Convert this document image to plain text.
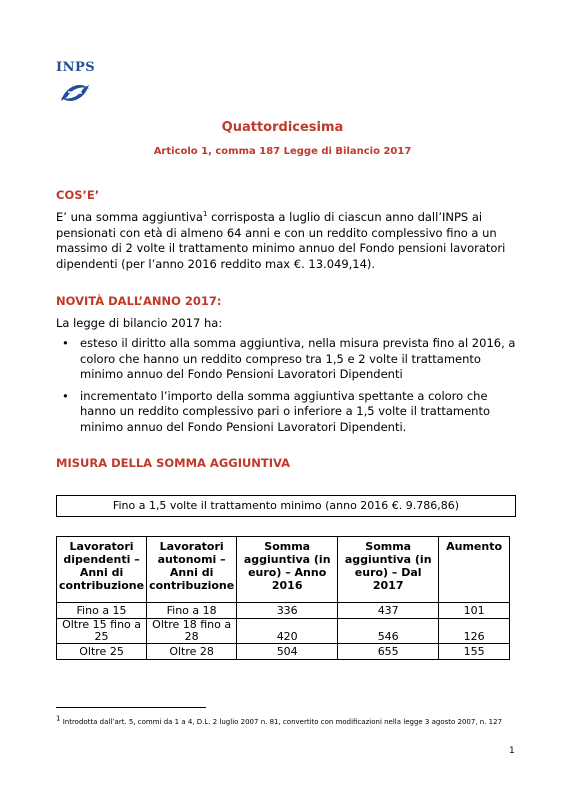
INPS
Quattordicesima
Articolo 1, comma 187 Legge di Bilancio 2017
COS’E’
E’ una somma aggiuntiva$^1$ corrisposta a luglio di ciascun anno dall’INPS ai pensionati con età di almeno 64 anni e con un reddito complessivo fino a un massimo di 2 volte il trattamento minimo annuo del Fondo pensioni lavoratori dipendenti (per l’anno 2016 reddito max €. 13.049,14).
NOVITÀ DALL’ANNO 2017:
La legge di bilancio 2017 ha:
• esteso il diritto alla somma aggiuntiva, nella misura prevista fino al 2016, a coloro che hanno un reddito compreso tra 1,5 e 2 volte il trattamento minimo annuo del Fondo Pensioni Lavoratori Dipendenti
• incrementato l’importo della somma aggiuntiva spettante a coloro che hanno un reddito complessivo pari o inferiore a 1,5 volte il trattamento minimo annuo del Fondo Pensioni Lavoratori Dipendenti.
MISURA DELLA SOMMA AGGIUNTIVA
Fino a 1,5 volte il trattamento minimo (anno 2016 €. 9.786,86)
Lavoratori dipendenti – Anni di contribuzione	Lavoratori autonomi – Anni di contribuzione	Somma aggiuntiva (in euro) – Anno 2016	Somma aggiuntiva (in euro) – Dal 2017	Aumento
Fino a 15	Fino a 18	336	437	101
Oltre 15 fino a 25	Oltre 18 fino a 28	420	546	126
Oltre 25	Oltre 28	504	655	155
$^1$ Introdotta dall’art. 5, commi da 1 a 4, D.L. 2 luglio 2007 n. 81, convertito con modificazioni nella legge 3 agosto 2007, n. 127
1
